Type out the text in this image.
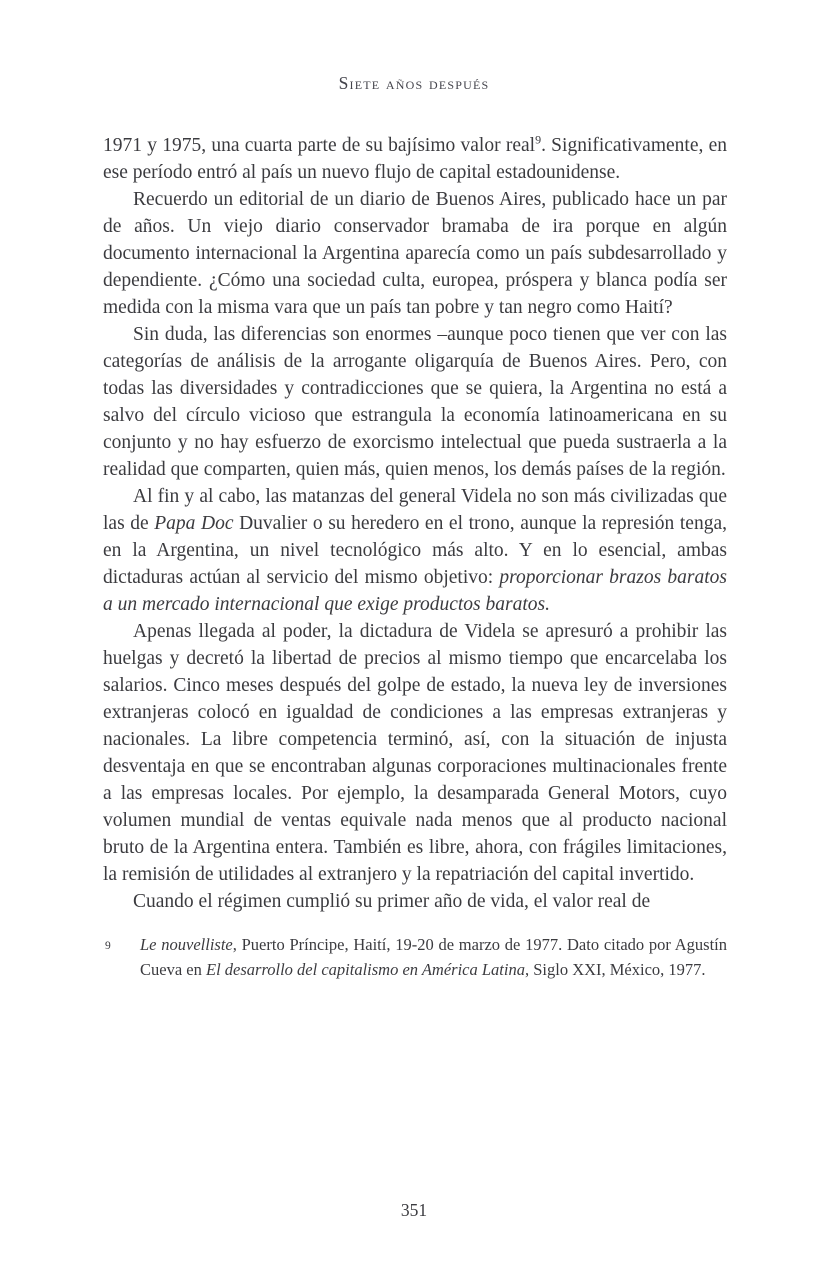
Siete años después

1971 y 1975, una cuarta parte de su bajísimo valor real$^9$. Significativamente, en ese período entró al país un nuevo flujo de capital estadounidense.

Recuerdo un editorial de un diario de Buenos Aires, publicado hace un par de años. Un viejo diario conservador bramaba de ira porque en algún documento internacional la Argentina aparecía como un país subdesarrollado y dependiente. ¿Cómo una sociedad culta, europea, próspera y blanca podía ser medida con la misma vara que un país tan pobre y tan negro como Haití?

Sin duda, las diferencias son enormes –aunque poco tienen que ver con las categorías de análisis de la arrogante oligarquía de Buenos Aires. Pero, con todas las diversidades y contradicciones que se quiera, la Argentina no está a salvo del círculo vicioso que estrangula la economía latinoamericana en su conjunto y no hay esfuerzo de exorcismo intelectual que pueda sustraerla a la realidad que comparten, quien más, quien menos, los demás países de la región.

Al fin y al cabo, las matanzas del general Videla no son más civilizadas que las de Papa Doc Duvalier o su heredero en el trono, aunque la represión tenga, en la Argentina, un nivel tecnológico más alto. Y en lo esencial, ambas dictaduras actúan al servicio del mismo objetivo: proporcionar brazos baratos a un mercado internacional que exige productos baratos.

Apenas llegada al poder, la dictadura de Videla se apresuró a prohibir las huelgas y decretó la libertad de precios al mismo tiempo que encarcelaba los salarios. Cinco meses después del golpe de estado, la nueva ley de inversiones extranjeras colocó en igualdad de condiciones a las empresas extranjeras y nacionales. La libre competencia terminó, así, con la situación de injusta desventaja en que se encontraban algunas corporaciones multinacionales frente a las empresas locales. Por ejemplo, la desamparada General Motors, cuyo volumen mundial de ventas equivale nada menos que al producto nacional bruto de la Argentina entera. También es libre, ahora, con frágiles limitaciones, la remisión de utilidades al extranjero y la repatriación del capital invertido.

Cuando el régimen cumplió su primer año de vida, el valor real de

9 Le nouvelliste, Puerto Príncipe, Haití, 19-20 de marzo de 1977. Dato citado por Agustín Cueva en El desarrollo del capitalismo en América Latina, Siglo XXI, México, 1977.
351
